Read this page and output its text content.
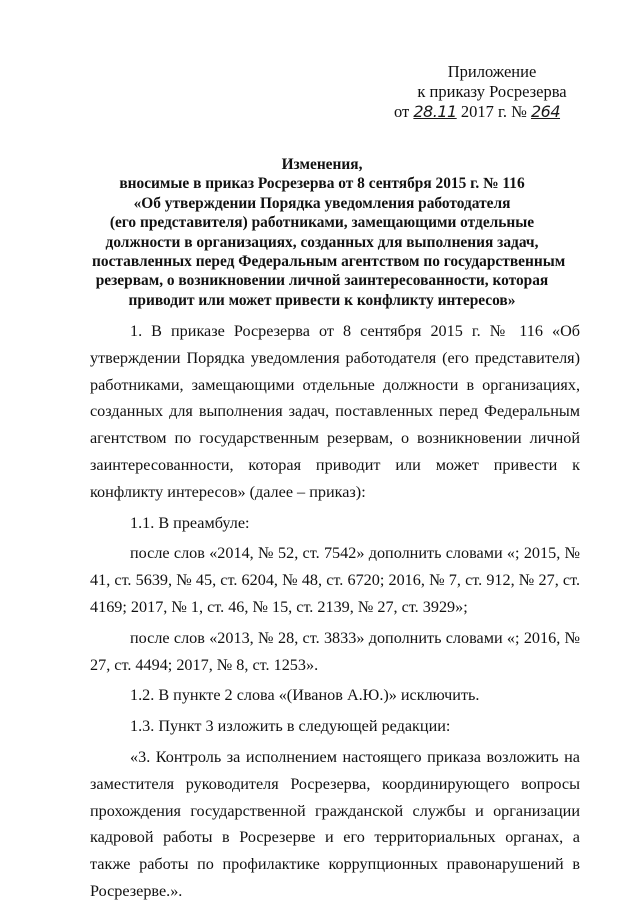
Приложение
к приказу Росрезерва
от 28.11 2017 г. № 264
Изменения,
вносимые в приказ Росрезерва от 8 сентября 2015 г. № 116
«Об утверждении Порядка уведомления работодателя
(его представителя) работниками, замещающими отдельные
должности в организациях, созданных для выполнения задач,
поставленных перед Федеральным агентством по государственным
резервам, о возникновении личной заинтересованности, которая
приводит или может привести к конфликту интересов»

1. В приказе Росрезерва от 8 сентября 2015 г. № 116 «Об утверждении Порядка уведомления работодателя (его представителя) работниками, замещающими отдельные должности в организациях, созданных для выполнения задач, поставленных перед Федеральным агентством по государственным резервам, о возникновении личной заинтересованности, которая приводит или может привести к конфликту интересов» (далее – приказ):

1.1. В преамбуле:

после слов «2014, № 52, ст. 7542» дополнить словами «; 2015, № 41, ст. 5639, № 45, ст. 6204, № 48, ст. 6720; 2016, № 7, ст. 912, № 27, ст. 4169; 2017, № 1, ст. 46, № 15, ст. 2139, № 27, ст. 3929»;

после слов «2013, № 28, ст. 3833» дополнить словами «; 2016, № 27, ст. 4494; 2017, № 8, ст. 1253».

1.2. В пункте 2 слова «(Иванов А.Ю.)» исключить.

1.3. Пункт 3 изложить в следующей редакции:

«3. Контроль за исполнением настоящего приказа возложить на заместителя руководителя Росрезерва, координирующего вопросы прохождения государственной гражданской службы и организации кадровой работы в Росрезерве и его территориальных органах, а также работы по профилактике коррупционных правонарушений в Росрезерве.».
